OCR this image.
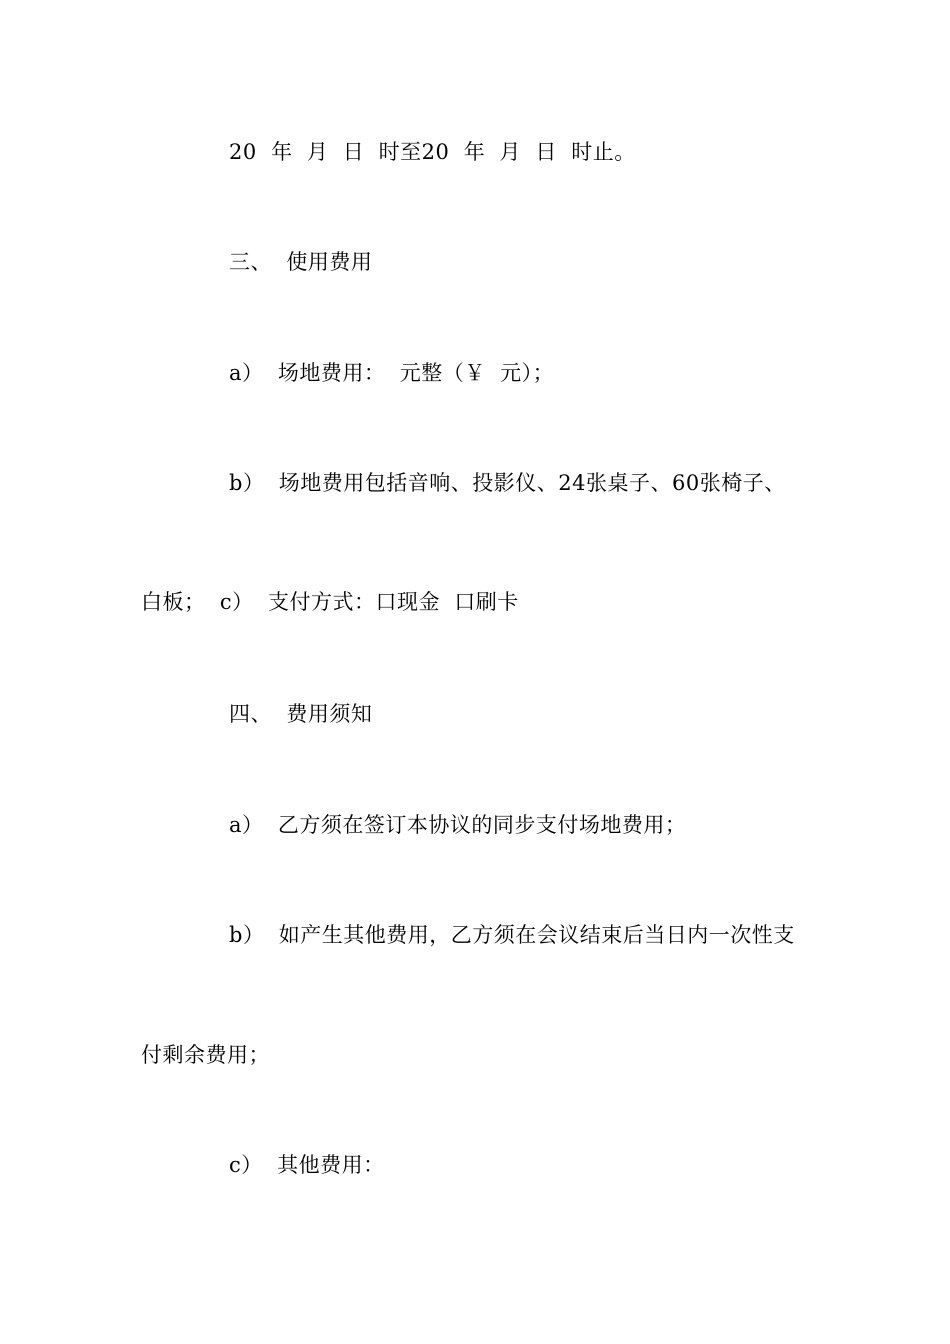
20  年  月  日  时至20  年  月  日  时止。
三、  使用费用
a）  场地费用：  元整（￥  元）；
b）  场地费用包括音响、投影仪、24张桌子、60张椅子、
白板；  c）  支付方式：口现金  口刷卡
四、  费用须知
a）  乙方须在签订本协议的同步支付场地费用；
b）  如产生其他费用，乙方须在会议结束后当日内一次性支
付剩余费用；
c）  其他费用：
